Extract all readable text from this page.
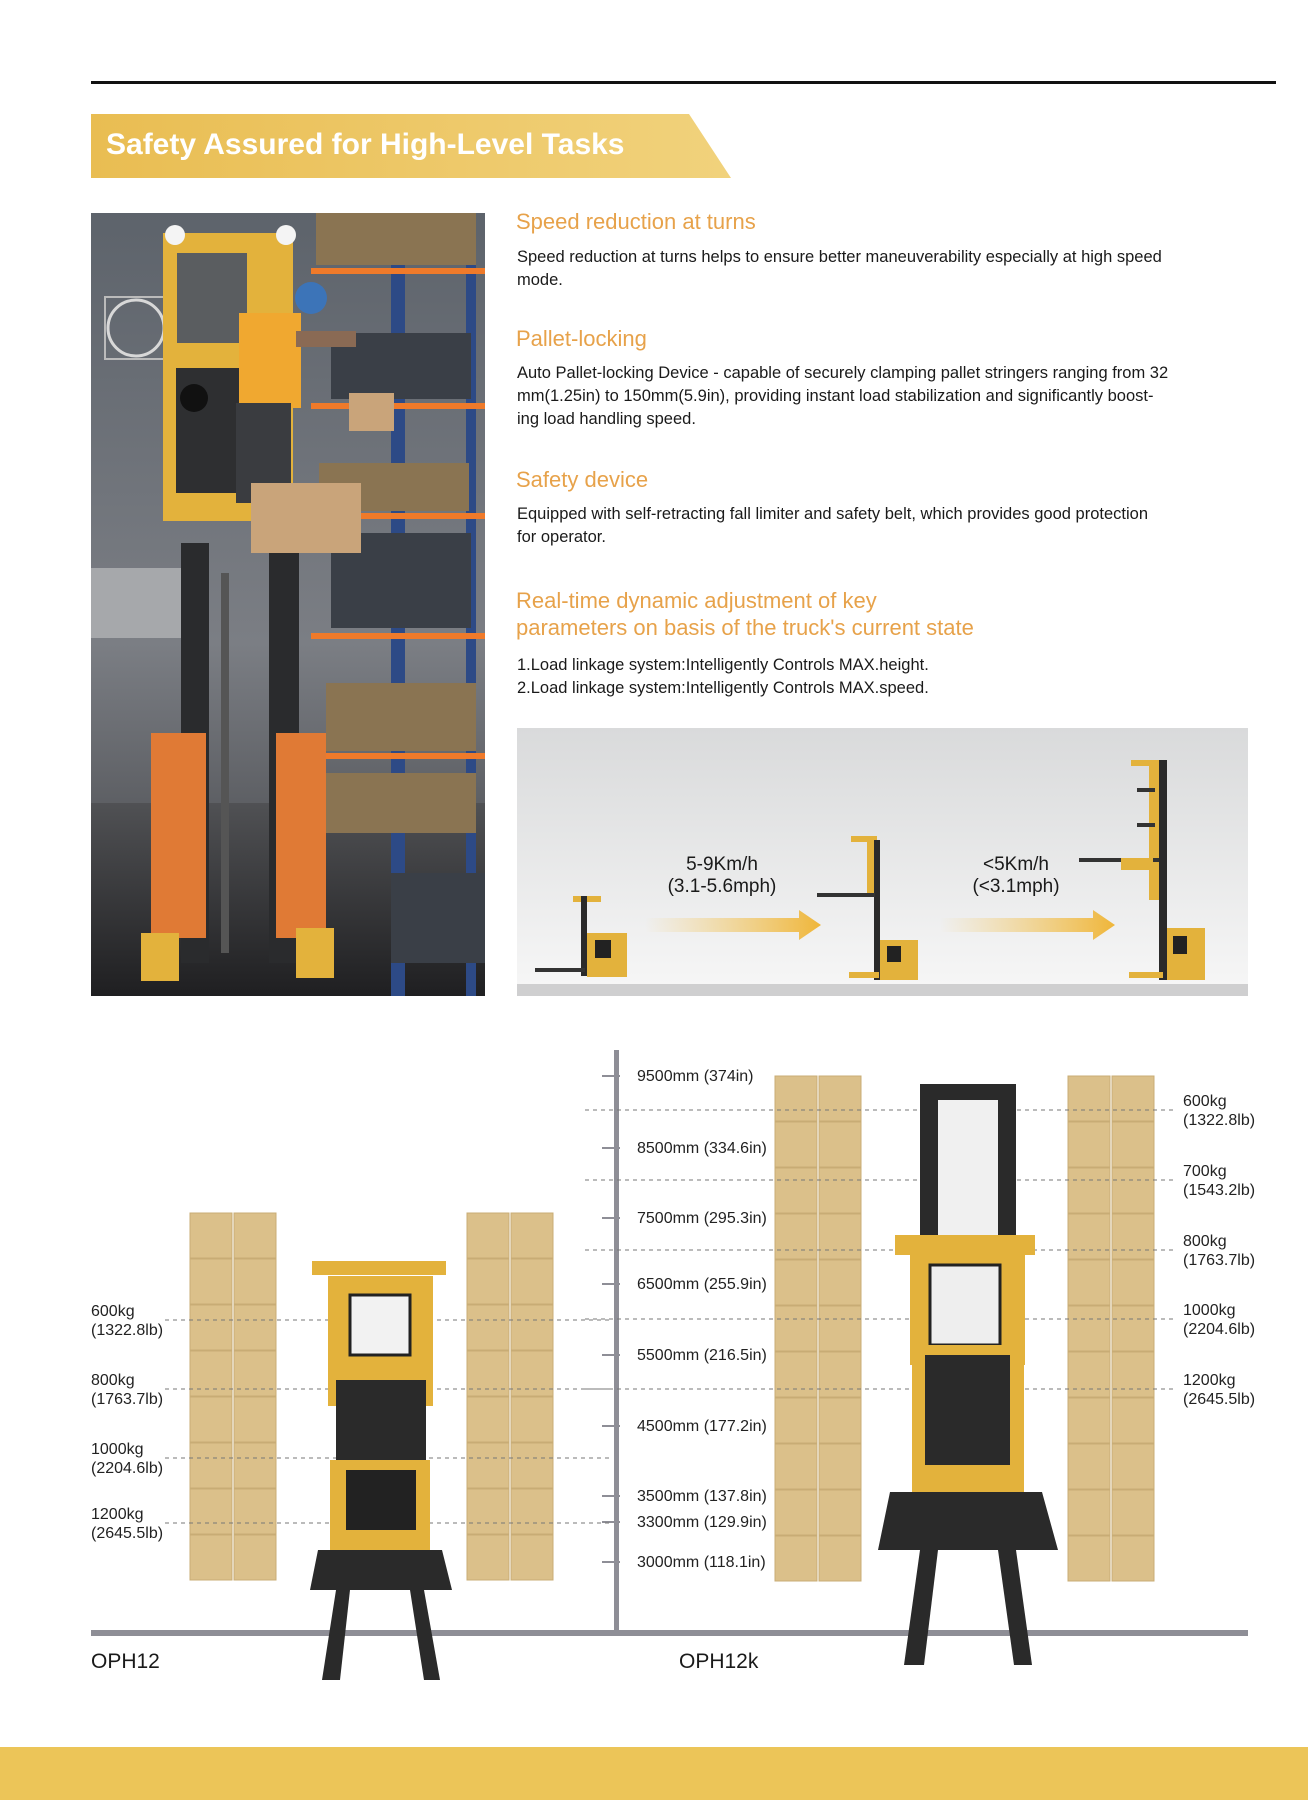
Safety Assured for High-Level Tasks
Speed reduction at turns
Speed reduction at turns helps to ensure better maneuverability especially at high speed
mode.
Pallet-locking
Auto Pallet-locking Device - capable of securely clamping pallet stringers ranging from 32
mm(1.25in) to 150mm(5.9in), providing instant load stabilization and significantly boost-
ing load handling speed.
Safety device
Equipped with self-retracting fall limiter and safety belt, which provides good protection
for operator.
Real-time dynamic adjustment of key
parameters on basis of the truck's current state
1.Load linkage system:Intelligently Controls MAX.height.
2.Load linkage system:Intelligently Controls MAX.speed.
5-9Km/h
(3.1-5.6mph)
<5Km/h
(<3.1mph)
9500mm (374in)
8500mm (334.6in)
7500mm (295.3in)
6500mm (255.9in)
5500mm (216.5in)
4500mm (177.2in)
3500mm (137.8in)
3300mm (129.9in)
3000mm (118.1in)
600kg
(1322.8lb)
700kg
(1543.2lb)
800kg
(1763.7lb)
1000kg
(2204.6lb)
1200kg
(2645.5lb)
600kg
(1322.8lb)
800kg
(1763.7lb)
1000kg
(2204.6lb)
1200kg
(2645.5lb)
OPH12	OPH12k
